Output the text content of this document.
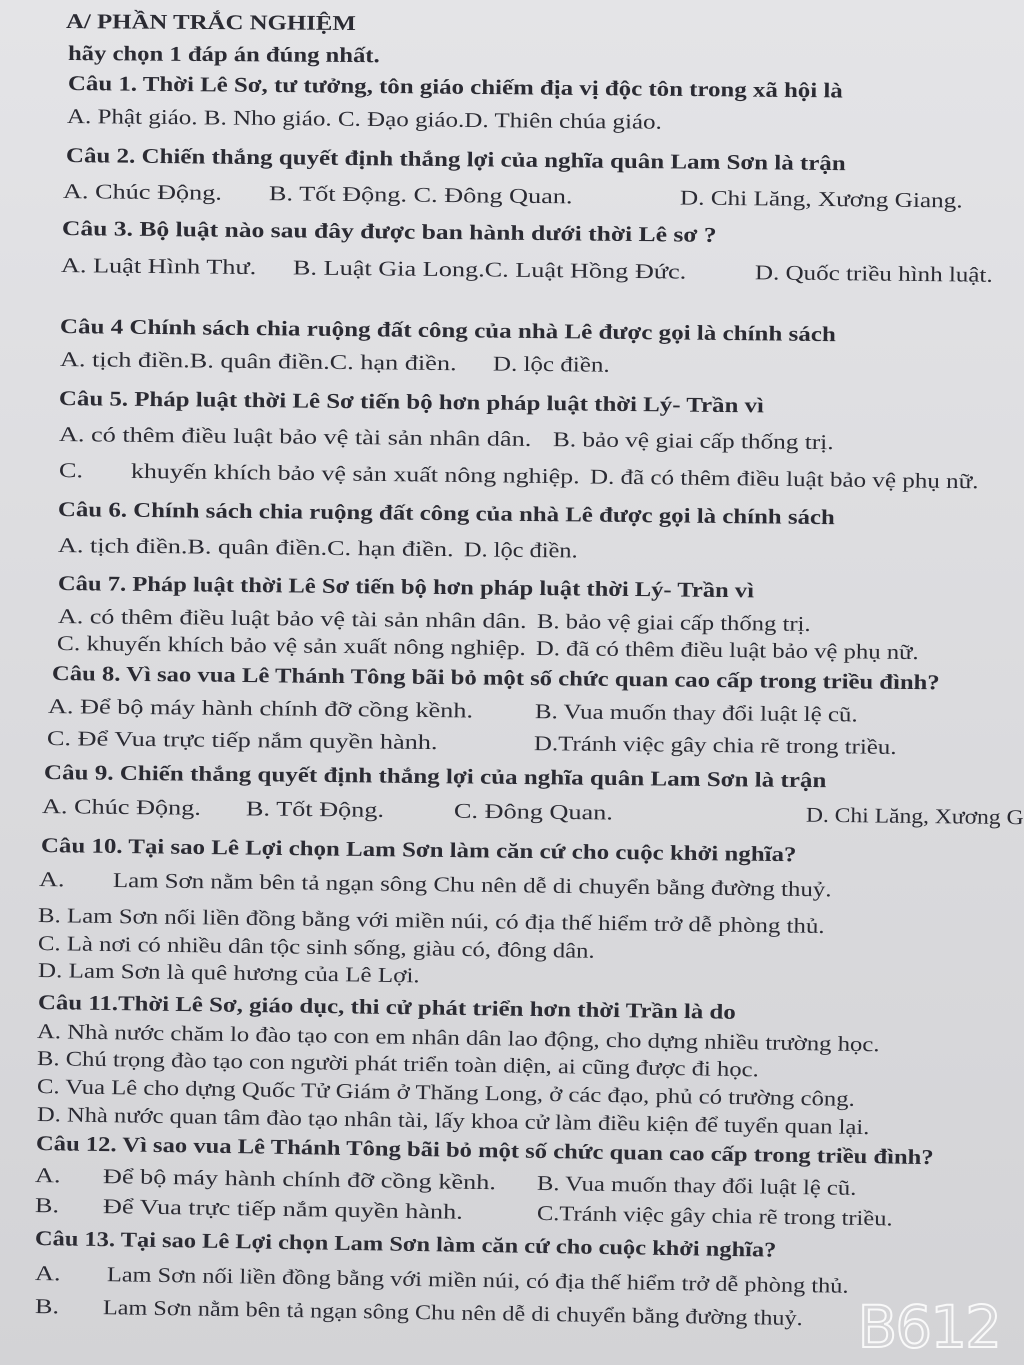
A/ PHẦN TRẮC NGHIỆM
hãy chọn 1 đáp án đúng nhất.
Câu 1. Thời Lê Sơ, tư tưởng, tôn giáo chiếm địa vị độc tôn trong xã hội là
A. Phật giáo. B. Nho giáo. C. Đạo giáo.D. Thiên chúa giáo.
Câu 2. Chiến thắng quyết định thắng lợi của nghĩa quân Lam Sơn là trận
A. Chúc Động. B. Tốt Động. C. Đông Quan.	D. Chi Lăng, Xương Giang.
Câu 3. Bộ luật nào sau đây được ban hành dưới thời Lê sơ ?
A. Luật Hình Thư. B. Luật Gia Long.C. Luật Hồng Đức.	D. Quốc triều hình luật.
Câu 4 Chính sách chia ruộng đất công của nhà Lê được gọi là chính sách
A. tịch điền.B. quân điền.C. hạn điền. D. lộc điền.
Câu 5. Pháp luật thời Lê Sơ tiến bộ hơn pháp luật thời Lý- Trần vì
A. có thêm điều luật bảo vệ tài sản nhân dân. B. bảo vệ giai cấp thống trị.
C. khuyến khích bảo vệ sản xuất nông nghiệp. D. đã có thêm điều luật bảo vệ phụ nữ.
Câu 6. Chính sách chia ruộng đất công của nhà Lê được gọi là chính sách
A. tịch điền.B. quân điền.C. hạn điền. D. lộc điền.
Câu 7. Pháp luật thời Lê Sơ tiến bộ hơn pháp luật thời Lý- Trần vì
A. có thêm điều luật bảo vệ tài sản nhân dân. B. bảo vệ giai cấp thống trị.
C. khuyến khích bảo vệ sản xuất nông nghiệp. D. đã có thêm điều luật bảo vệ phụ nữ.
Câu 8. Vì sao vua Lê Thánh Tông bãi bỏ một số chức quan cao cấp trong triều đình?
A. Để bộ máy hành chính đỡ cồng kềnh.	B. Vua muốn thay đổi luật lệ cũ.
C. Để Vua trực tiếp nắm quyền hành.	D.Tránh việc gây chia rẽ trong triều.
Câu 9. Chiến thắng quyết định thắng lợi của nghĩa quân Lam Sơn là trận
A. Chúc Động. B. Tốt Động.	C. Đông Quan.	D. Chi Lăng, Xương G
Câu 10. Tại sao Lê Lợi chọn Lam Sơn làm căn cứ cho cuộc khởi nghĩa?
A. Lam Sơn nằm bên tả ngạn sông Chu nên dễ di chuyển bằng đường thuỷ.
B. Lam Sơn nối liền đồng bằng với miền núi, có địa thế hiểm trở dễ phòng thủ.
C. Là nơi có nhiều dân tộc sinh sống, giàu có, đông dân.
D. Lam Sơn là quê hương của Lê Lợi.
Câu 11.Thời Lê Sơ, giáo dục, thi cử phát triển hơn thời Trần là do
A. Nhà nước chăm lo đào tạo con em nhân dân lao động, cho dựng nhiều trường học.
B. Chú trọng đào tạo con người phát triển toàn diện, ai cũng được đi học.
C. Vua Lê cho dựng Quốc Tử Giám ở Thăng Long, ở các đạo, phủ có trường công.
D. Nhà nước quan tâm đào tạo nhân tài, lấy khoa cử làm điều kiện để tuyển quan lại.
Câu 12. Vì sao vua Lê Thánh Tông bãi bỏ một số chức quan cao cấp trong triều đình?
A. Để bộ máy hành chính đỡ cồng kềnh. B. Vua muốn thay đổi luật lệ cũ.
B. Để Vua trực tiếp nắm quyền hành.	C.Tránh việc gây chia rẽ trong triều.
Câu 13. Tại sao Lê Lợi chọn Lam Sơn làm căn cứ cho cuộc khởi nghĩa?
A. Lam Sơn nối liền đồng bằng với miền núi, có địa thế hiểm trở dễ phòng thủ.
B. Lam Sơn nằm bên tả ngạn sông Chu nên dễ di chuyển bằng đường thuỷ. B612
